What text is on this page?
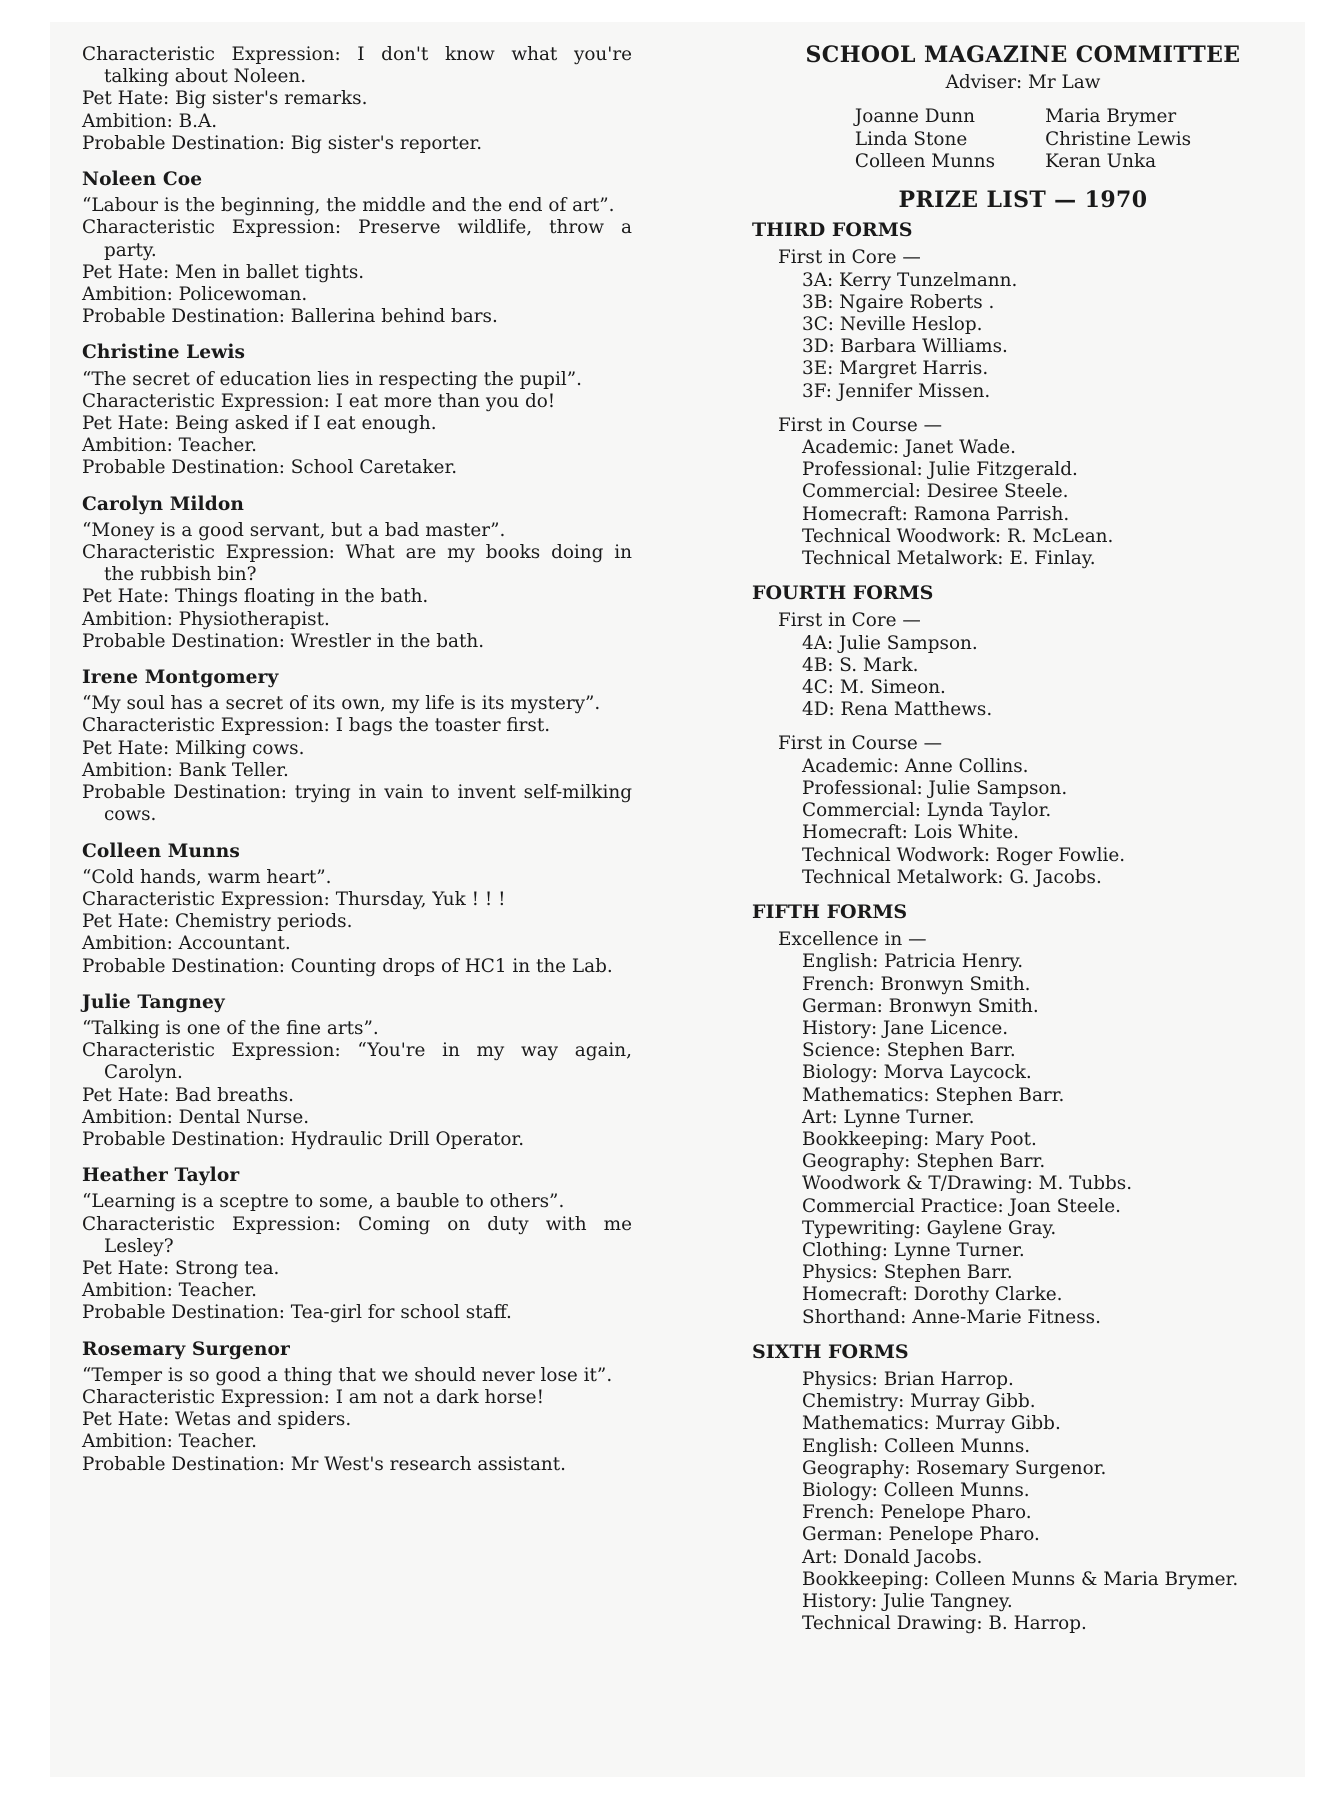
Characteristic Expression: I don't know what you're talking about Noleen.
Pet Hate: Big sister's remarks.
Ambition: B.A.
Probable Destination: Big sister's reporter.
Noleen Coe
“Labour is the beginning, the middle and the end of art”.
Characteristic Expression: Preserve wildlife, throw a party.
Pet Hate: Men in ballet tights.
Ambition: Policewoman.
Probable Destination: Ballerina behind bars.
Christine Lewis
“The secret of education lies in respecting the pupil”.
Characteristic Expression: I eat more than you do!
Pet Hate: Being asked if I eat enough.
Ambition: Teacher.
Probable Destination: School Caretaker.
Carolyn Mildon
“Money is a good servant, but a bad master”.
Characteristic Expression: What are my books doing in the rubbish bin?
Pet Hate: Things floating in the bath.
Ambition: Physiotherapist.
Probable Destination: Wrestler in the bath.
Irene Montgomery
“My soul has a secret of its own, my life is its mystery”.
Characteristic Expression: I bags the toaster first.
Pet Hate: Milking cows.
Ambition: Bank Teller.
Probable Destination: trying in vain to invent self-milking cows.
Colleen Munns
“Cold hands, warm heart”.
Characteristic Expression: Thursday, Yuk ! ! !
Pet Hate: Chemistry periods.
Ambition: Accountant.
Probable Destination: Counting drops of HC1 in the Lab.
Julie Tangney
“Talking is one of the fine arts”.
Characteristic Expression: “You're in my way again, Carolyn.
Pet Hate: Bad breaths.
Ambition: Dental Nurse.
Probable Destination: Hydraulic Drill Operator.
Heather Taylor
“Learning is a sceptre to some, a bauble to others”.
Characteristic Expression: Coming on duty with me Lesley?
Pet Hate: Strong tea.
Ambition: Teacher.
Probable Destination: Tea-girl for school staff.
Rosemary Surgenor
“Temper is so good a thing that we should never lose it”.
Characteristic Expression: I am not a dark horse!
Pet Hate: Wetas and spiders.
Ambition: Teacher.
Probable Destination: Mr West's research assistant.
SCHOOL MAGAZINE COMMITTEE
Adviser: Mr Law
Joanne Dunn
Linda Stone
Colleen Munns
Maria Brymer
Christine Lewis
Keran Unka
PRIZE LIST — 1970
THIRD FORMS
First in Core —
3A: Kerry Tunzelmann.
3B: Ngaire Roberts .
3C: Neville Heslop.
3D: Barbara Williams.
3E: Margret Harris.
3F: Jennifer Missen.
First in Course —
Academic: Janet Wade.
Professional: Julie Fitzgerald.
Commercial: Desiree Steele.
Homecraft: Ramona Parrish.
Technical Woodwork: R. McLean.
Technical Metalwork: E. Finlay.
FOURTH FORMS
First in Core —
4A: Julie Sampson.
4B: S. Mark.
4C: M. Simeon.
4D: Rena Matthews.
First in Course —
Academic: Anne Collins.
Professional: Julie Sampson.
Commercial: Lynda Taylor.
Homecraft: Lois White.
Technical Wodwork: Roger Fowlie.
Technical Metalwork: G. Jacobs.
FIFTH FORMS
Excellence in —
English: Patricia Henry.
French: Bronwyn Smith.
German: Bronwyn Smith.
History: Jane Licence.
Science: Stephen Barr.
Biology: Morva Laycock.
Mathematics: Stephen Barr.
Art: Lynne Turner.
Bookkeeping: Mary Poot.
Geography: Stephen Barr.
Woodwork & T/Drawing: M. Tubbs.
Commercial Practice: Joan Steele.
Typewriting: Gaylene Gray.
Clothing: Lynne Turner.
Physics: Stephen Barr.
Homecraft: Dorothy Clarke.
Shorthand: Anne-Marie Fitness.
SIXTH FORMS
Physics: Brian Harrop.
Chemistry: Murray Gibb.
Mathematics: Murray Gibb.
English: Colleen Munns.
Geography: Rosemary Surgenor.
Biology: Colleen Munns.
French: Penelope Pharo.
German: Penelope Pharo.
Art: Donald Jacobs.
Bookkeeping: Colleen Munns & Maria Brymer.
History: Julie Tangney.
Technical Drawing: B. Harrop.
